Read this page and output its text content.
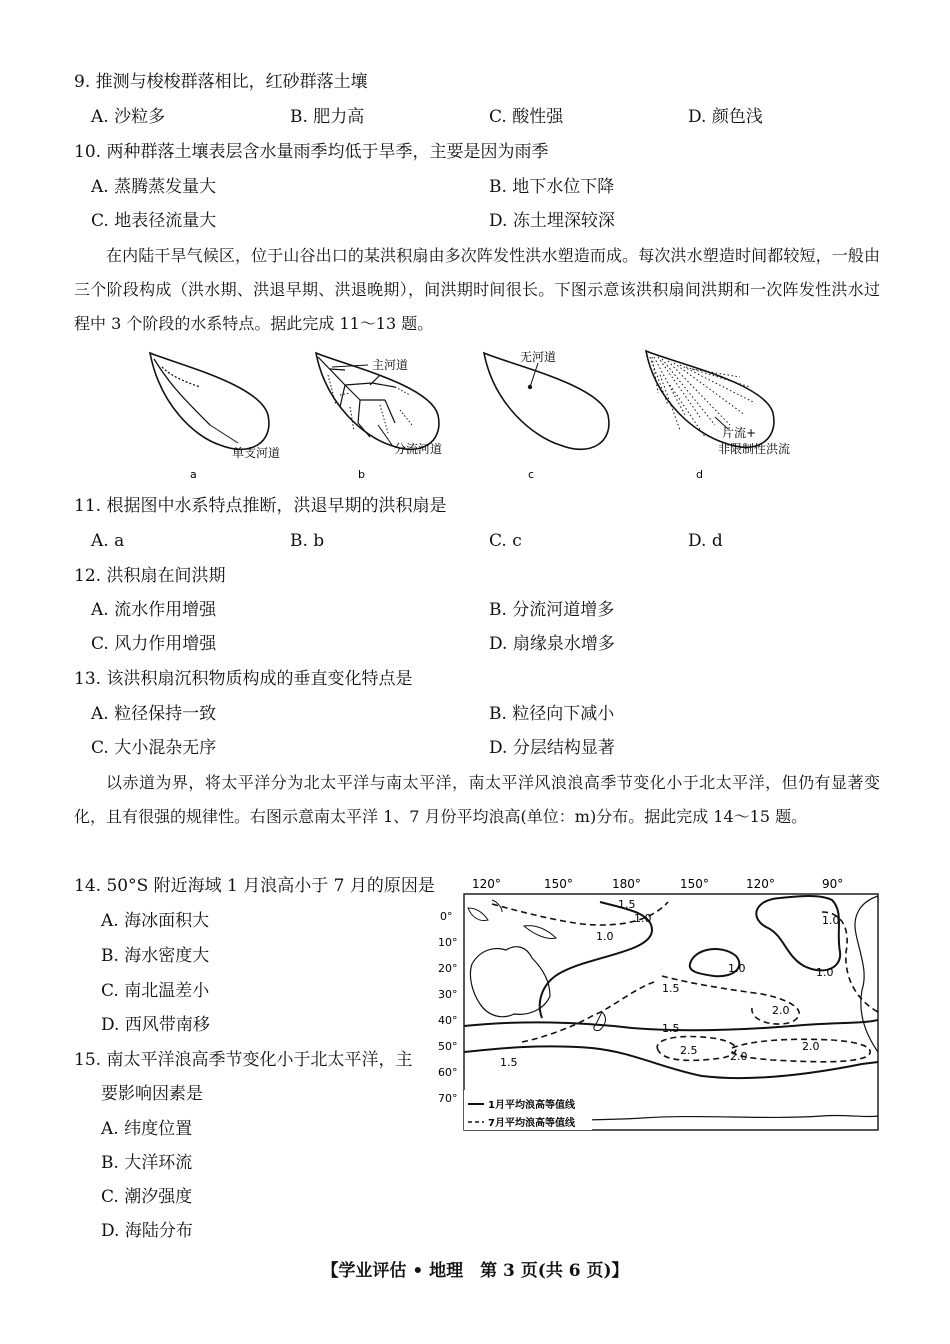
9. 推测与梭梭群落相比，红砂群落土壤
A. 沙粒多	B. 肥力高	C. 酸性强	D. 颜色浅
10. 两种群落土壤表层含水量雨季均低于旱季，主要是因为雨季
A. 蒸腾蒸发量大	B. 地下水位下降
C. 地表径流量大	D. 冻土埋深较深
在内陆干旱气候区，位于山谷出口的某洪积扇由多次阵发性洪水塑造而成。每次洪水塑造时间都较短，一般由三个阶段构成（洪水期、洪退早期、洪退晚期），间洪期时间很长。下图示意该洪积扇间洪期和一次阵发性洪水过程中 3 个阶段的水系特点。据此完成 11～13 题。
单支河道
a
主河道
分流河道
b
无河道
c
片流+
非限制性洪流
d
11. 根据图中水系特点推断，洪退早期的洪积扇是
A. a	B. b	C. c	D. d
12. 洪积扇在间洪期
A. 流水作用增强	B. 分流河道增多
C. 风力作用增强	D. 扇缘泉水增多
13. 该洪积扇沉积物质构成的垂直变化特点是
A. 粒径保持一致	B. 粒径向下减小
C. 大小混杂无序	D. 分层结构显著
以赤道为界，将太平洋分为北太平洋与南太平洋，南太平洋风浪浪高季节变化小于北太平洋，但仍有显著变化，且有很强的规律性。右图示意南太平洋 1、7 月份平均浪高(单位：m)分布。据此完成 14～15 题。
14. 50°S 附近海域 1 月浪高小于 7 月的原因是
A. 海冰面积大
B. 海水密度大
C. 南北温差小
D. 西风带南移
15. 南太平洋浪高季节变化小于北太平洋，主
要影响因素是
A. 纬度位置
B. 大洋环流
C. 潮汐强度
D. 海陆分布
120°	150°	180°	150°	120°	90°
0°
10°
20°
30°
40°
50°
60°
70°
1.5
1.0
1.0
1.0
1.0
1.0
1.5
2.0
1.5
2.5	2.0
2.0
1.5
1月平均浪高等值线
7月平均浪高等值线
【学业评估 • 地理　第 3 页(共 6 页)】
